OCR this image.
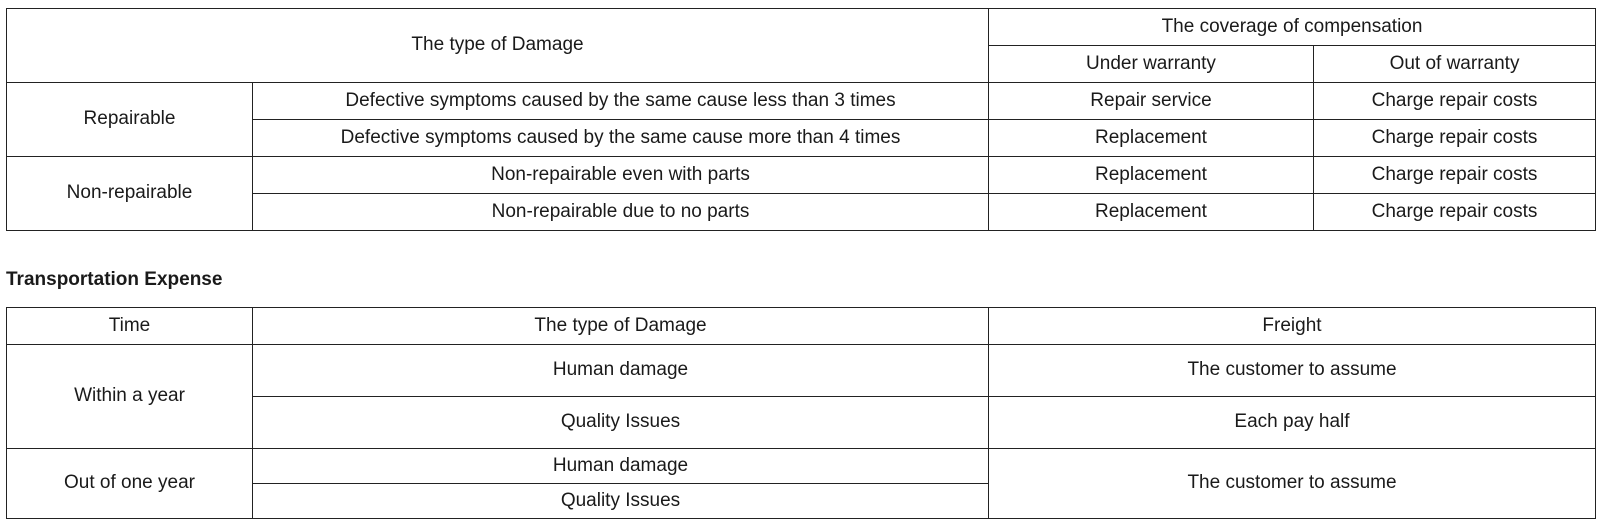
The type of Damage		The coverage of compensation	
		Under warranty	Out of warranty
Repairable	Defective symptoms caused by the same cause less than 3 times	Repair service	Charge repair costs
	Defective symptoms caused by the same cause more than 4 times	Replacement	Charge repair costs
Non-repairable	Non-repairable even with parts	Replacement	Charge repair costs
	Non-repairable due to no parts	Replacement	Charge repair costs

Transportation Expense

Time	The type of Damage	Freight
Within a year	Human damage	The customer to assume
	Quality Issues	Each pay half
Out of one year	Human damage	The customer to assume
	Quality Issues	
